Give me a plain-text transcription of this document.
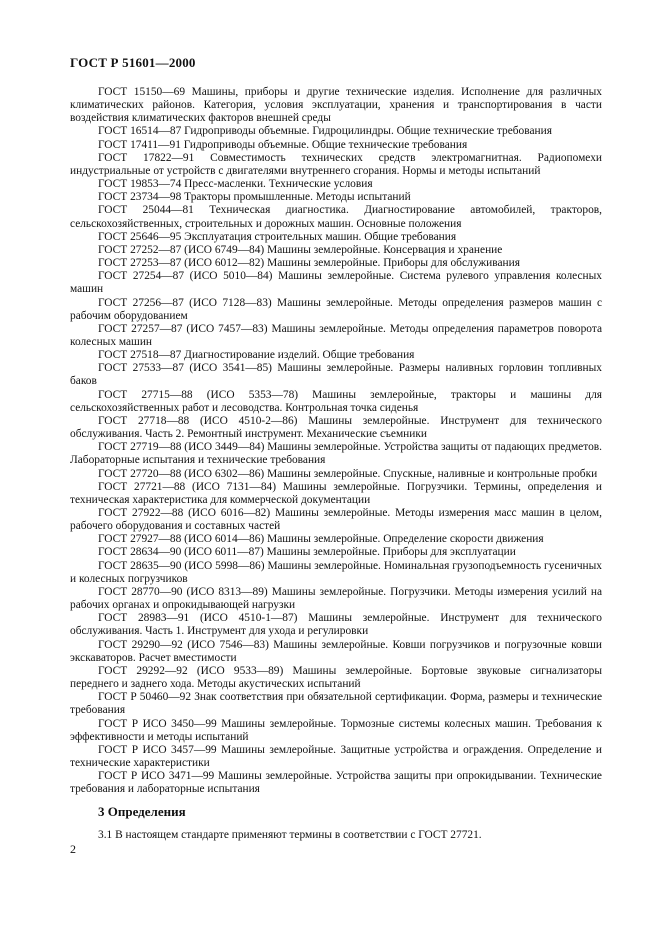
ГОСТ Р 51601—2000

ГОСТ 15150—69 Машины, приборы и другие технические изделия. Исполнение для различных климатических районов. Категория, условия эксплуатации, хранения и транспортирования в части воздействия климатических факторов внешней среды

ГОСТ 16514—87 Гидроприводы объемные. Гидроцилиндры. Общие технические требования

ГОСТ 17411—91 Гидроприводы объемные. Общие технические требования

ГОСТ 17822—91 Совместимость технических средств электромагнитная. Радиопомехи индустриальные от устройств с двигателями внутреннего сгорания. Нормы и методы испытаний

ГОСТ 19853—74 Пресс-масленки. Технические условия

ГОСТ 23734—98 Тракторы промышленные. Методы испытаний

ГОСТ 25044—81 Техническая диагностика. Диагностирование автомобилей, тракторов, сельскохозяйственных, строительных и дорожных машин. Основные положения

ГОСТ 25646—95 Эксплуатация строительных машин. Общие требования

ГОСТ 27252—87 (ИСО 6749—84) Машины землеройные. Консервация и хранение

ГОСТ 27253—87 (ИСО 6012—82) Машины землеройные. Приборы для обслуживания

ГОСТ 27254—87 (ИСО 5010—84) Машины землеройные. Система рулевого управления колесных машин

ГОСТ 27256—87 (ИСО 7128—83) Машины землеройные. Методы определения размеров машин с рабочим оборудованием

ГОСТ 27257—87 (ИСО 7457—83) Машины землеройные. Методы определения параметров поворота колесных машин

ГОСТ 27518—87 Диагностирование изделий. Общие требования

ГОСТ 27533—87 (ИСО 3541—85) Машины землеройные. Размеры наливных горловин топливных баков

ГОСТ 27715—88 (ИСО 5353—78) Машины землеройные, тракторы и машины для сельскохозяйственных работ и лесоводства. Контрольная точка сиденья

ГОСТ 27718—88 (ИСО 4510-2—86) Машины землеройные. Инструмент для технического обслуживания. Часть 2. Ремонтный инструмент. Механические съемники

ГОСТ 27719—88 (ИСО 3449—84) Машины землеройные. Устройства защиты от падающих предметов. Лабораторные испытания и технические требования

ГОСТ 27720—88 (ИСО 6302—86) Машины землеройные. Спускные, наливные и контрольные пробки

ГОСТ 27721—88 (ИСО 7131—84) Машины землеройные. Погрузчики. Термины, определения и техническая характеристика для коммерческой документации

ГОСТ 27922—88 (ИСО 6016—82) Машины землеройные. Методы измерения масс машин в целом, рабочего оборудования и составных частей

ГОСТ 27927—88 (ИСО 6014—86) Машины землеройные. Определение скорости движения

ГОСТ 28634—90 (ИСО 6011—87) Машины землеройные. Приборы для эксплуатации

ГОСТ 28635—90 (ИСО 5998—86) Машины землеройные. Номинальная грузоподъемность гусеничных и колесных погрузчиков

ГОСТ 28770—90 (ИСО 8313—89) Машины землеройные. Погрузчики. Методы измерения усилий на рабочих органах и опрокидывающей нагрузки

ГОСТ 28983—91 (ИСО 4510-1—87) Машины землеройные. Инструмент для технического обслуживания. Часть 1. Инструмент для ухода и регулировки

ГОСТ 29290—92 (ИСО 7546—83) Машины землеройные. Ковши погрузчиков и погрузочные ковши экскаваторов. Расчет вместимости

ГОСТ 29292—92 (ИСО 9533—89) Машины землеройные. Бортовые звуковые сигнализаторы переднего и заднего хода. Методы акустических испытаний

ГОСТ Р 50460—92 Знак соответствия при обязательной сертификации. Форма, размеры и технические требования

ГОСТ Р ИСО 3450—99 Машины землеройные. Тормозные системы колесных машин. Требования к эффективности и методы испытаний

ГОСТ Р ИСО 3457—99 Машины землеройные. Защитные устройства и ограждения. Определение и технические характеристики

ГОСТ Р ИСО 3471—99 Машины землеройные. Устройства защиты при опрокидывании. Технические требования и лабораторные испытания

3 Определения

3.1 В настоящем стандарте применяют термины в соответствии с ГОСТ 27721.

2
